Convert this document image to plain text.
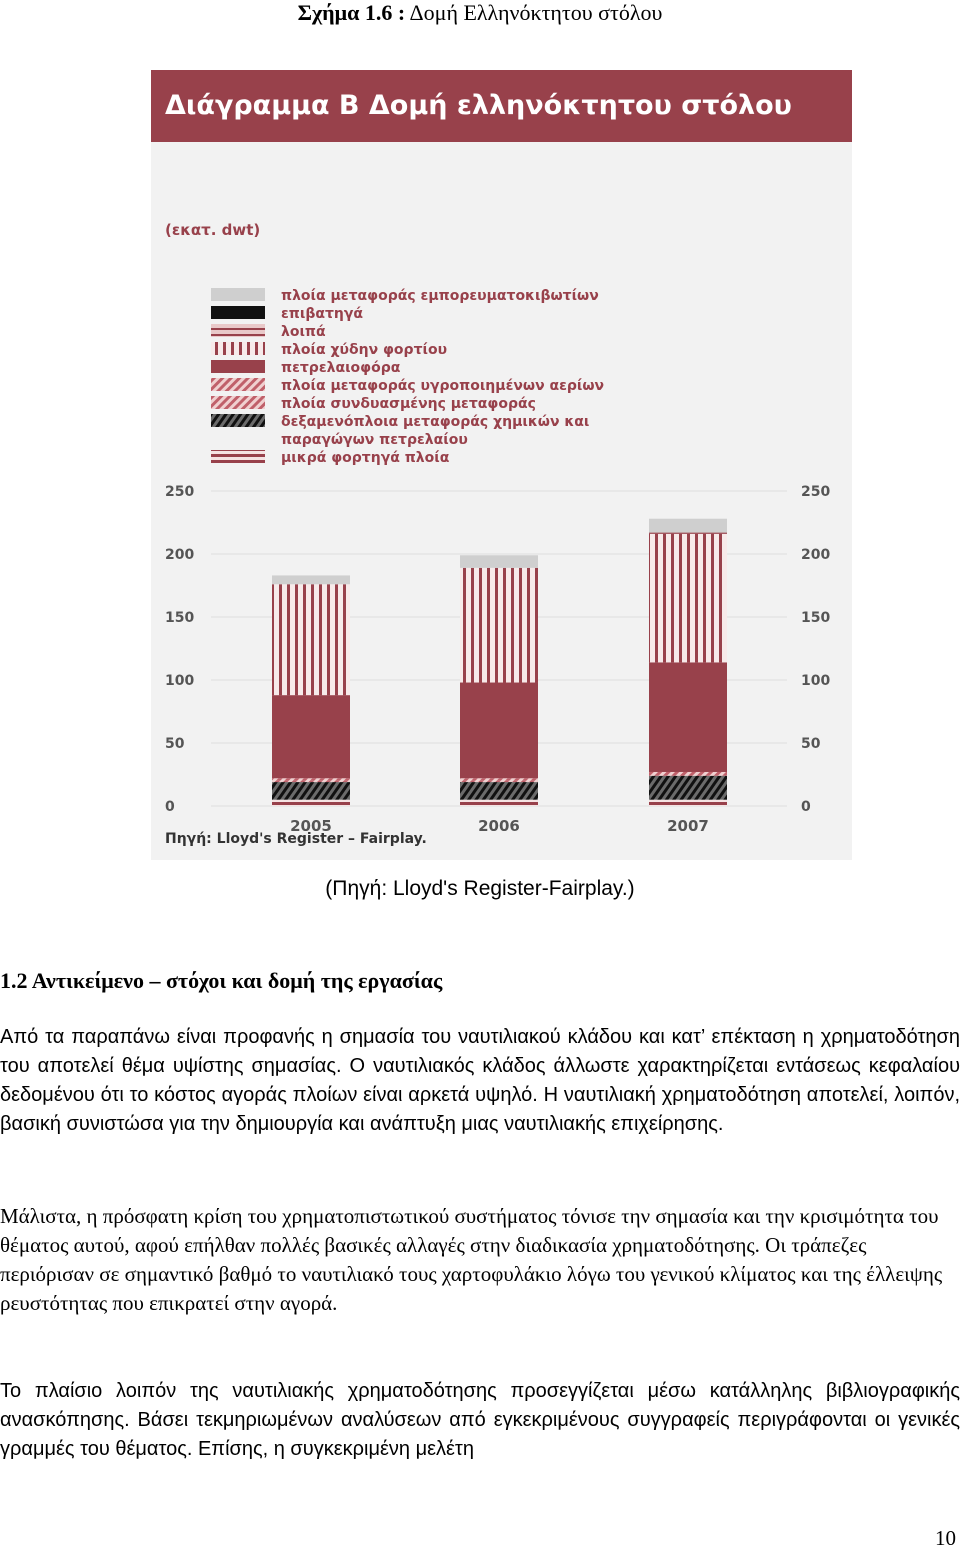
Σχήμα 1.6 : Δομή Ελληνόκτητου στόλου
Διάγραμμα Β Δομή ελληνόκτητου στόλου
(εκατ. dwt)
πλοία μεταφοράς εμπορευματοκιβωτίων
επιβατηγά
λοιπά
πλοία χύδην φορτίου
πετρελαιοφόρα
πλοία μεταφοράς υγροποιημένων αερίων
πλοία συνδυασμένης μεταφοράς
δεξαμενόπλοια μεταφοράς χημικών και
παραγώγων πετρελαίου
μικρά φορτηγά πλοία
250	250
200	200
150	150
100	100
50	50
0	0
2005	2006	2007
Πηγή: Lloyd's Register – Fairplay.
(Πηγή: Lloyd's Register-Fairplay.)
1.2 Αντικείμενο – στόχοι και δομή της εργασίας
Από τα παραπάνω είναι προφανής η σημασία του ναυτιλιακού κλάδου και κατ’ επέκταση η χρηματοδότηση του αποτελεί θέμα υψίστης σημασίας. Ο ναυτιλιακός κλάδος άλλωστε χαρακτηρίζεται εντάσεως κεφαλαίου δεδομένου ότι το κόστος αγοράς πλοίων είναι αρκετά υψηλό. Η ναυτιλιακή χρηματοδότηση αποτελεί, λοιπόν, βασική συνιστώσα για την δημιουργία και ανάπτυξη μιας ναυτιλιακής επιχείρησης.
Μάλιστα, η πρόσφατη κρίση του χρηματοπιστωτικού συστήματος τόνισε την σημασία και την κρισιμότητα του θέματος αυτού, αφού επήλθαν πολλές βασικές αλλαγές στην διαδικασία χρηματοδότησης. Οι τράπεζες περιόρισαν σε σημαντικό βαθμό το ναυτιλιακό τους χαρτοφυλάκιο λόγω του γενικού κλίματος και της έλλειψης ρευστότητας που επικρατεί στην αγορά.
Το πλαίσιο λοιπόν της ναυτιλιακής χρηματοδότησης προσεγγίζεται μέσω κατάλληλης βιβλιογραφικής ανασκόπησης. Βάσει τεκμηριωμένων αναλύσεων από εγκεκριμένους συγγραφείς περιγράφονται οι γενικές γραμμές του θέματος. Επίσης, η συγκεκριμένη μελέτη
10
